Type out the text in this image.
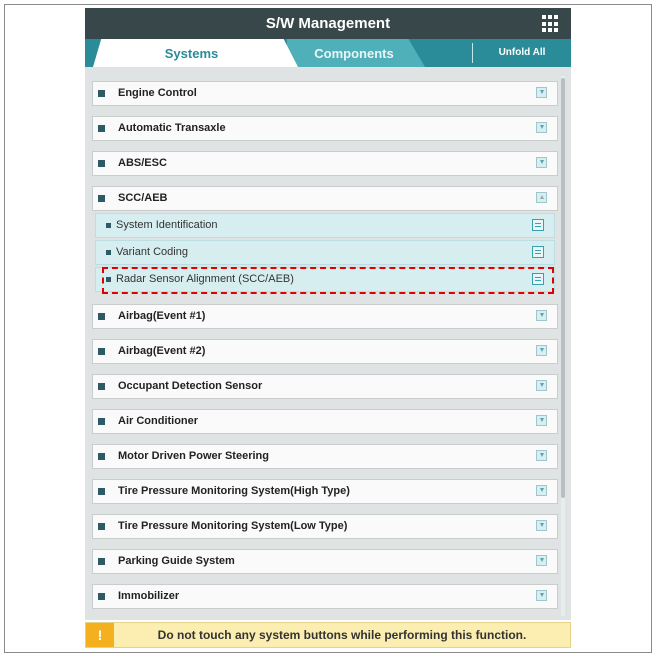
S/W Management
Systems	Components	Unfold All
Engine Control
Automatic Transaxle
ABS/ESC
SCC/AEB
System Identification
Variant Coding
Radar Sensor Alignment (SCC/AEB)
Airbag(Event #1)
Airbag(Event #2)
Occupant Detection Sensor
Air Conditioner
Motor Driven Power Steering
Tire Pressure Monitoring System(High Type)
Tire Pressure Monitoring System(Low Type)
Parking Guide System
Immobilizer
!	Do not touch any system buttons while performing this function.
